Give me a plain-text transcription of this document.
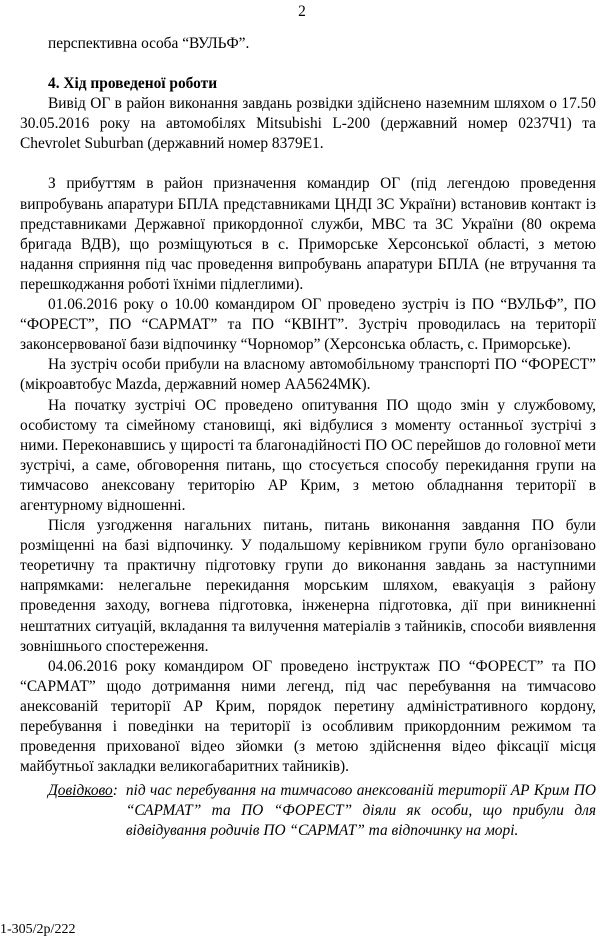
2

перспективна особа “ВУЛЬФ”.

4. Хід проведеної роботи

Вивід ОГ в район виконання завдань розвідки здійснено наземним шляхом о 17.50 30.05.2016 року на автомобілях Mitsubishi L-200 (державний номер 0237Ч1) та Chevrolet Suburban (державний номер 8379Е1.

З прибуттям в район призначення командир ОГ (під легендою проведення випробувань апаратури БПЛА представниками ЦНДІ ЗС України) встановив контакт із представниками Державної прикордонної служби, МВС та ЗС України (80 окрема бригада ВДВ), що розміщуються в с. Приморське Херсонської області, з метою надання сприяння під час проведення випробувань апаратури БПЛА (не втручання та перешкоджання роботі їхніми підлеглими).

01.06.2016 року о 10.00 командиром ОГ проведено зустріч із ПО “ВУЛЬФ”, ПО “ФОРЕСТ”, ПО “САРМАТ” та ПО “КВІНТ”. Зустріч проводилась на території законсервованої бази відпочинку “Чорномор” (Херсонська область, с. Приморське).

На зустріч особи прибули на власному автомобільному транспорті ПО “ФОРЕСТ” (мікроавтобус Mazda, державний номер АА5624МК).

На початку зустрічі ОС проведено опитування ПО щодо змін у службовому, особистому та сімейному становищі, які відбулися з моменту останньої зустрічі з ними. Переконавшись у щирості та благонадійності ПО ОС перейшов до головної мети зустрічі, а саме, обговорення питань, що стосується способу перекидання групи на тимчасово анексовану територію АР Крим, з метою обладнання території в агентурному відношенні.

Після узгодження нагальних питань, питань виконання завдання ПО були розміщенні на базі відпочинку. У подальшому керівником групи було організовано теоретичну та практичну підготовку групи до виконання завдань за наступними напрямками: нелегальне перекидання морським шляхом, евакуація з району проведення заходу, вогнева підготовка, інженерна підготовка, дії при виникненні нештатних ситуацій, вкладання та вилучення матеріалів з тайників, способи виявлення зовнішнього спостереження.

04.06.2016 року командиром ОГ проведено інструктаж ПО “ФОРЕСТ” та ПО “САРМАТ” щодо дотримання ними легенд, під час перебування на тимчасово анексованій території АР Крим, порядок перетину адміністративного кордону, перебування і поведінки на території із особливим прикордонним режимом та проведення прихованої відео зйомки (з метою здійснення відео фіксації місця майбутньої закладки великогабаритних тайників).

Довідково : під час перебування на тимчасово анексованій території АР Крим ПО “САРМАТ” та ПО “ФОРЕСТ” діяли як особи, що прибули для відвідування родичів ПО “САРМАТ” та відпочинку на морі.
1-305/2р/222
